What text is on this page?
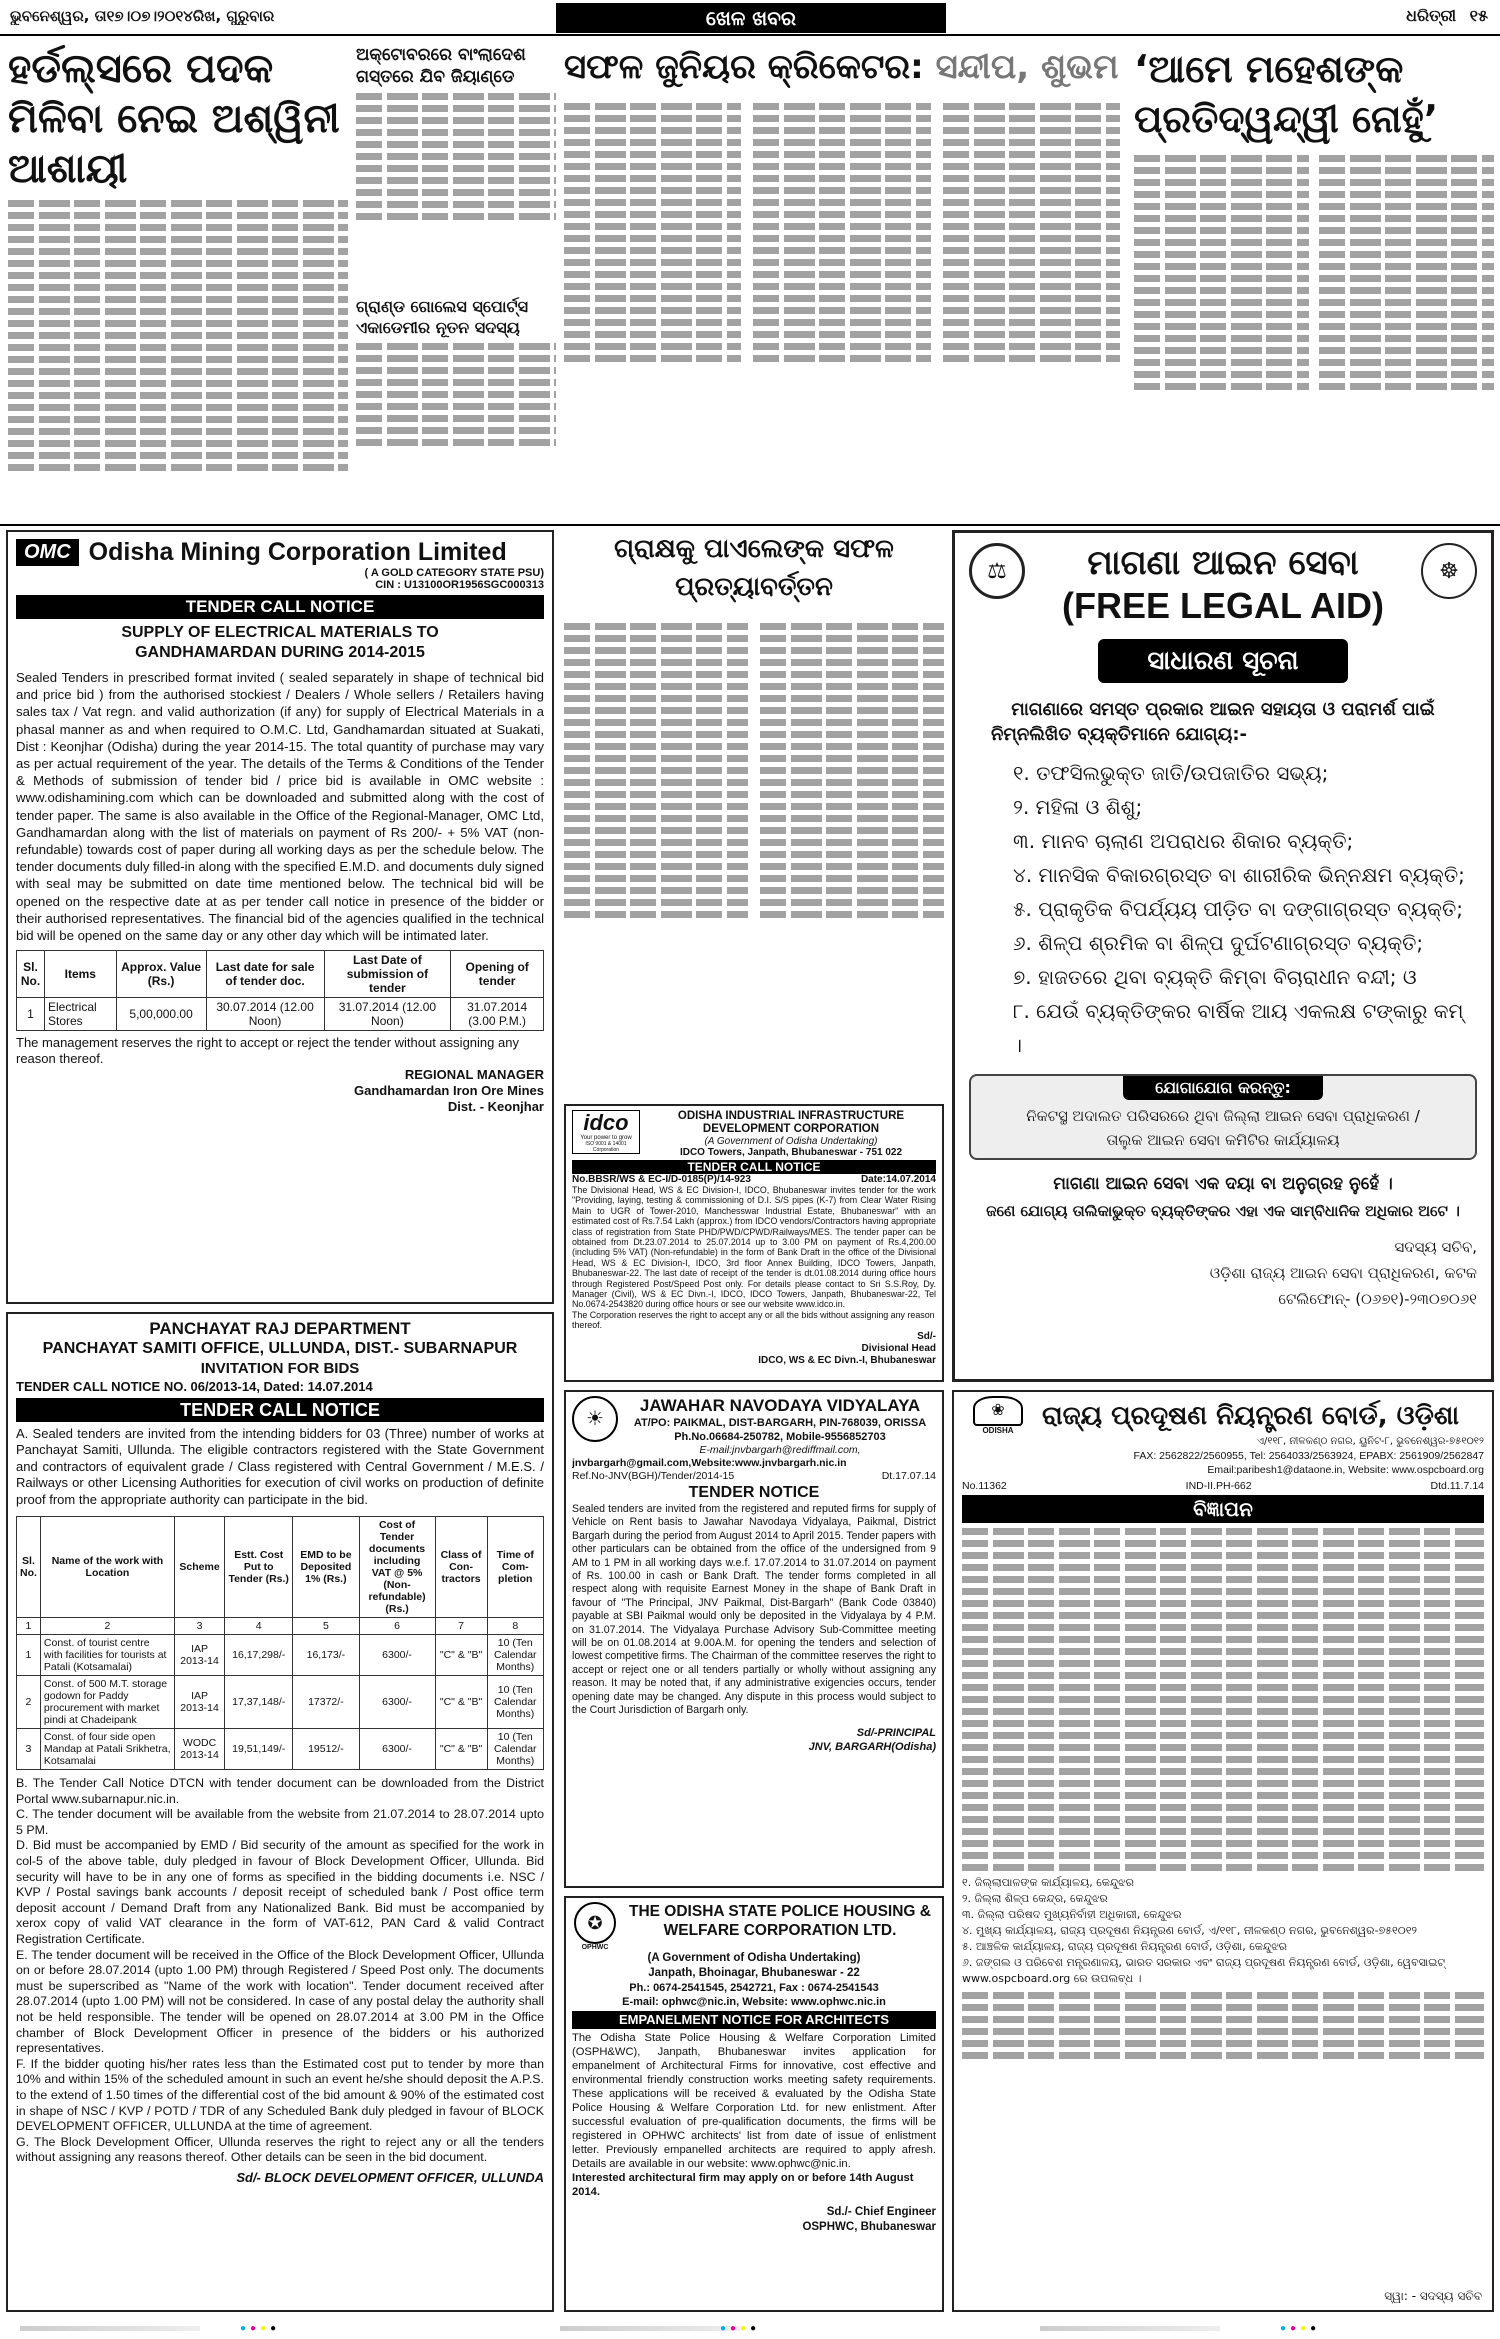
ଭୁବନେଶ୍ୱର, ତା୧୭।୦୭।୨୦୧୪ରିଖ, ଗୁରୁବାର	ଖେଳ ଖବର	ଧରିତ୍ରୀ ୧୫
ହର୍ଡଲ୍ସରେ ପଦକ ମିଳିବା ନେଇ ଅଶ୍ୱିନୀ ଆଶାୟୀ
ଅକ୍ଟୋବରରେ ବାଂଲାଦେଶ ଗସ୍ତରେ ଯିବ ଜିୟାଣ୍ଡେ
ଗ୍ରାଣ୍ଡ ଗୋଲେସ ସ୍ପୋର୍ଟ୍ସ ଏକାଡେମୀର ନୂତନ ସଦସ୍ୟ
ସଫଳ ଜୁନିୟର କ୍ରିକେଟର: ସନ୍ଦୀପ, ଶୁଭମ ‘ଆମେ ମହେଶଙ୍କ ପ୍ରତିଦ୍ୱନ୍ଦ୍ୱୀ ନୋହୁଁ’
OMC Odisha Mining Corporation Limited
( A GOLD CATEGORY STATE PSU)
CIN : U13100OR1956SGC000313
TENDER CALL NOTICE
SUPPLY OF ELECTRICAL MATERIALS TO GANDHAMARDAN DURING 2014-2015
Sealed Tenders in prescribed format invited ( sealed separately in shape of technical bid and price bid ) from the authorised stockiest / Dealers / Whole sellers / Retailers having sales tax / Vat regn. and valid authorization (if any) for supply of Electrical Materials in a phasal manner as and when required to O.M.C. Ltd, Gandhamardan situated at Suakati, Dist : Keonjhar (Odisha) during the year 2014-15. The total quantity of purchase may vary as per actual requirement of the year. The details of the Terms & Conditions of the Tender & Methods of submission of tender bid / price bid is available in OMC website : www.odishamining.com which can be downloaded and submitted along with the cost of tender paper. The same is also available in the Office of the Regional-Manager, OMC Ltd, Gandhamardan along with the list of materials on payment of Rs 200/- + 5% VAT (non-refundable) towards cost of paper during all working days as per the schedule below. The tender documents duly filled-in along with the specified E.M.D. and documents duly signed with seal may be submitted on date time mentioned below. The technical bid will be opened on the respective date at as per tender call notice in presence of the bidder or their authorised representatives. The financial bid of the agencies qualified in the technical bid will be opened on the same day or any other day which will be intimated later.
Sl. No.	Items	Approx. Value (Rs.)	Last date for sale of tender doc.	Last Date of submission of tender	Opening of tender
1	Electrical Stores	5,00,000.00	30.07.2014 (12.00 Noon)	31.07.2014 (12.00 Noon)	31.07.2014 (3.00 P.M.)
The management reserves the right to accept or reject the tender without assigning any reason thereof.
REGIONAL MANAGER
Gandhamardan Iron Ore Mines
Dist. - Keonjhar
ଗ୍ରାକ୍ଷକୁ ପାଏଲେଙ୍କ ସଫଳ ପ୍ରତ୍ୟାବର୍ତ୍ତନ
idco
Your power to grow
ISO 9001 & 14001 Corporation
ODISHA INDUSTRIAL INFRASTRUCTURE DEVELOPMENT CORPORATION
(A Government of Odisha Undertaking)
IDCO Towers, Janpath, Bhubaneswar - 751 022
TENDER CALL NOTICE
No.BBSR/WS & EC-I/D-0185(P)/14-923	Date:14.07.2014
The Divisional Head, WS & EC Division-I, IDCO, Bhubaneswar invites tender for the work "Providing, laying, testing & commissioning of D.I. S/S pipes (K-7) from Clear Water Rising Main to UGR of Tower-2010, Manchesswar Industrial Estate, Bhubaneswar" with an estimated cost of Rs.7.54 Lakh (approx.) from IDCO vendors/Contractors having appropriate class of registration from State PHD/PWD/CPWD/Railways/MES. The tender paper can be obtained from Dt.23.07.2014 to 25.07.2014 up to 3.00 PM on payment of Rs.4,200.00 (including 5% VAT) (Non-refundable) in the form of Bank Draft in the office of the Divisional Head, WS & EC Division-I, IDCO, 3rd floor Annex Building, IDCO Towers, Janpath, Bhubaneswar-22. The last date of receipt of the tender is dt.01.08.2014 during office hours through Registered Post/Speed Post only. For details please contact to Sri S.S.Roy, Dy. Manager (Civil), WS & EC Divn.-I, IDCO, IDCO Towers, Janpath, Bhubaneswar-22, Tel No.0674-2543820 during office hours or see our website www.idco.in.
The Corporation reserves the right to accept any or all the bids without assigning any reason thereof.
Sd/-
Divisional Head
IDCO, WS & EC Divn.-I, Bhubaneswar
⚖	☸
ମାଗଣା ଆଇନ ସେବା
(FREE LEGAL AID)
ସାଧାରଣ ସୂଚନା
ମାଗଣାରେ ସମସ୍ତ ପ୍ରକାର ଆଇନ ସହାୟତା ଓ ପରାମର୍ଶ ପାଇଁ
ନିମ୍ନଲିଖିତ ବ୍ୟକ୍ତିମାନେ ଯୋଗ୍ୟ:-
୧. ତଫସିଲଭୁକ୍ତ ଜାତି/ଉପଜାତିର ସଭ୍ୟ;
୨. ମହିଳା ଓ ଶିଶୁ;
୩. ମାନବ ଚାଲାଣ ଅପରାଧର ଶିକାର ବ୍ୟକ୍ତି;
୪. ମାନସିକ ବିକାରଗ୍ରସ୍ତ ବା ଶାରୀରିକ ଭିନ୍ନକ୍ଷମ ବ୍ୟକ୍ତି;
୫. ପ୍ରାକୃତିକ ବିପର୍ଯ୍ୟୟ ପୀଡ଼ିତ ବା ଦଙ୍ଗାଗ୍ରସ୍ତ ବ୍ୟକ୍ତି;
୬. ଶିଳ୍ପ ଶ୍ରମିକ ବା ଶିଳ୍ପ ଦୁର୍ଘଟଣାଗ୍ରସ୍ତ ବ୍ୟକ୍ତି;
୭. ହାଜତରେ ଥିବା ବ୍ୟକ୍ତି କିମ୍ବା ବିଚାରାଧୀନ ବନ୍ଦୀ; ଓ
୮. ଯେଉଁ ବ୍ୟକ୍ତିଙ୍କର ବାର୍ଷିକ ଆୟ ଏକଲକ୍ଷ ଟଙ୍କାରୁ କମ୍ ।
ଯୋଗାଯୋଗ କରନ୍ତୁ:
ନିକଟସ୍ଥ ଅଦାଲତ ପରିସରରେ ଥିବା ଜିଲ୍ଲା ଆଇନ ସେବା ପ୍ରାଧିକରଣ /
ତାଲୁକ ଆଇନ ସେବା କମିଟିର କାର୍ଯ୍ୟାଳୟ
ମାଗଣା ଆଇନ ସେବା ଏକ ଦୟା ବା ଅନୁଗ୍ରହ ନୁହେଁ ।
ଜଣେ ଯୋଗ୍ୟ ତାଲିକାଭୁକ୍ତ ବ୍ୟକ୍ତିଙ୍କର ଏହା ଏକ ସାମ୍ବିଧାନିକ ଅଧିକାର ଅଟେ ।
ସଦସ୍ୟ ସଚିବ,
ଓଡ଼ିଶା ରାଜ୍ୟ ଆଇନ ସେବା ପ୍ରାଧିକରଣ, କଟକ
ଟେଲିଫୋନ୍- (୦୬୭୧)-୨୩୦୭୦୬୧
PANCHAYAT RAJ DEPARTMENT
PANCHAYAT SAMITI OFFICE, ULLUNDA, DIST.- SUBARNAPUR
INVITATION FOR BIDS
TENDER CALL NOTICE NO. 06/2013-14, Dated: 14.07.2014
TENDER CALL NOTICE
A. Sealed tenders are invited from the intending bidders for 03 (Three) number of works at Panchayat Samiti, Ullunda. The eligible contractors registered with the State Government and contractors of equivalent grade / Class registered with Central Government / M.E.S. / Railways or other Licensing Authorities for execution of civil works on production of definite proof from the appropriate authority can participate in the bid.
Sl. No.	Name of the work with Location	Scheme	Estt. Cost Put to Tender (Rs.)	EMD to be Deposited 1% (Rs.)	Cost of Tender documents including VAT @ 5% (Non-refundable) (Rs.)	Class of Con-tractors	Time of Com-pletion
1	2	3	4	5	6	7	8
1	Const. of tourist centre with facilities for tourists at Patali (Kotsamalai)	IAP 2013-14	16,17,298/-	16,173/-	6300/-	"C" & "B"	10 (Ten Calendar Months)
2	Const. of 500 M.T. storage godown for Paddy procurement with market pindi at Chadeipank	IAP 2013-14	17,37,148/-	17372/-	6300/-	"C" & "B"	10 (Ten Calendar Months)
3	Const. of four side open Mandap at Patali Srikhetra, Kotsamalai	WODC 2013-14	19,51,149/-	19512/-	6300/-	"C" & "B"	10 (Ten Calendar Months)
B. The Tender Call Notice DTCN with tender document can be downloaded from the District Portal www.subarnapur.nic.in.
C. The tender document will be available from the website from 21.07.2014 to 28.07.2014 upto 5 PM.
D. Bid must be accompanied by EMD / Bid security of the amount as specified for the work in col-5 of the above table, duly pledged in favour of Block Development Officer, Ullunda. Bid security will have to be in any one of forms as specified in the bidding documents i.e. NSC / KVP / Postal savings bank accounts / deposit receipt of scheduled bank / Post office term deposit account / Demand Draft from any Nationalized Bank. Bid must be accompanied by xerox copy of valid VAT clearance in the form of VAT-612, PAN Card & valid Contract Registration Certificate.
E. The tender document will be received in the Office of the Block Development Officer, Ullunda on or before 28.07.2014 (upto 1.00 PM) through Registered / Speed Post only. The documents must be superscribed as "Name of the work with location". Tender document received after 28.07.2014 (upto 1.00 PM) will not be considered. In case of any postal delay the authority shall not be held responsible. The tender will be opened on 28.07.2014 at 3.00 PM in the Office chamber of Block Development Officer in presence of the bidders or his authorized representatives.
F. If the bidder quoting his/her rates less than the Estimated cost put to tender by more than 10% and within 15% of the scheduled amount in such an event he/she should deposit the A.P.S. to the extend of 1.50 times of the differential cost of the bid amount & 90% of the estimated cost in shape of NSC / KVP / POTD / TDR of any Scheduled Bank duly pledged in favour of BLOCK DEVELOPMENT OFFICER, ULLUNDA at the time of agreement.
G. The Block Development Officer, Ullunda reserves the right to reject any or all the tenders without assigning any reasons thereof. Other details can be seen in the bid document.
Sd/- BLOCK DEVELOPMENT OFFICER, ULLUNDA
☀
JAWAHAR NAVODAYA VIDYALAYA
AT/PO: PAIKMAL, DIST-BARGARH, PIN-768039, ORISSA
Ph.No.06684-250782, Mobile-9556852703
E-mail:jnvbargarh@rediffmail.com,
jnvbargarh@gmail.com,Website:www.jnvbargarh.nic.in
Ref.No-JNV(BGH)/Tender/2014-15	Dt.17.07.14
TENDER NOTICE
Sealed tenders are invited from the registered and reputed firms for supply of Vehicle on Rent basis to Jawahar Navodaya Vidyalaya, Paikmal, District Bargarh during the period from August 2014 to April 2015. Tender papers with other particulars can be obtained from the office of the undersigned from 9 AM to 1 PM in all working days w.e.f. 17.07.2014 to 31.07.2014 on payment of Rs. 100.00 in cash or Bank Draft. The tender forms completed in all respect along with requisite Earnest Money in the shape of Bank Draft in favour of "The Principal, JNV Paikmal, Dist-Bargarh" (Bank Code 03840) payable at SBI Paikmal would only be deposited in the Vidyalaya by 4 P.M. on 31.07.2014. The Vidyalaya Purchase Advisory Sub-Committee meeting will be on 01.08.2014 at 9.00A.M. for opening the tenders and selection of lowest competitive firms. The Chairman of the committee reserves the right to accept or reject one or all tenders partially or wholly without assigning any reason. It may be noted that, if any administrative exigencies occurs, tender opening date may be changed. Any dispute in this process would subject to the Court Jurisdiction of Bargarh only.
Sd/-PRINCIPAL
JNV, BARGARH(Odisha)
✪
OPHWC
THE ODISHA STATE POLICE HOUSING & WELFARE CORPORATION LTD.
(A Government of Odisha Undertaking)
Janpath, Bhoinagar, Bhubaneswar - 22
Ph.: 0674-2541545, 2542721, Fax : 0674-2541543
E-mail: ophwc@nic.in, Website: www.ophwc.nic.in
EMPANELMENT NOTICE FOR ARCHITECTS
The Odisha State Police Housing & Welfare Corporation Limited (OSPH&WC), Janpath, Bhubaneswar invites application for empanelment of Architectural Firms for innovative, cost effective and environmental friendly construction works meeting safety requirements. These applications will be received & evaluated by the Odisha State Police Housing & Welfare Corporation Ltd. for new enlistment. After successful evaluation of pre-qualification documents, the firms will be registered in OPHWC architects' list from date of issue of enlistment letter. Previously empanelled architects are required to apply afresh. Details are available in our website: www.ophwc@nic.in.
Interested architectural firm may apply on or before 14th August 2014.
Sd./- Chief Engineer
OSPHWC, Bhubaneswar
❀
ODISHA	ରାଜ୍ୟ ପ୍ରଦୂଷଣ ନିୟନ୍ତ୍ରଣ ବୋର୍ଡ, ଓଡ଼ିଶା
ଏ/୧୧୮, ନୀଳକଣ୍ଠ ନଗର, ୟୁନିଟ-୮, ଭୁବନେଶ୍ୱର-୭୫୧୦୧୨
FAX: 2562822/2560955, Tel: 2564033/2563924, EPABX: 2561909/2562847
Email:paribesh1@dataone.in, Website: www.ospcboard.org
No.11362	IND-II.PH-662	Dtd.11.7.14
ବିଜ୍ଞାପନ
୧. ଜିଲ୍ଲାପାଳଙ୍କ କାର୍ଯ୍ୟାଳୟ, କେନ୍ଦୁଝର
୨. ଜିଲ୍ଲା ଶିଳ୍ପ କେନ୍ଦ୍ର, କେନ୍ଦୁଝର
୩. ଜିଲ୍ଲା ପରିଷଦ ମୁଖ୍ୟନିର୍ବାହୀ ଅଧିକାରୀ, କେନ୍ଦୁଝର
୪. ମୁଖ୍ୟ କାର୍ଯ୍ୟାଳୟ, ରାଜ୍ୟ ପ୍ରଦୂଷଣ ନିୟନ୍ତ୍ରଣ ବୋର୍ଡ, ଏ/୧୧୮, ନୀଳକଣ୍ଠ ନଗର, ଭୁବନେଶ୍ୱର-୭୫୧୦୧୨
୫. ଆଞ୍ଚଳିକ କାର୍ଯ୍ୟାଳୟ, ରାଜ୍ୟ ପ୍ରଦୂଷଣ ନିୟନ୍ତ୍ରଣ ବୋର୍ଡ, ଓଡ଼ିଶା, କେନ୍ଦୁଝର
୬. ଜଙ୍ଗଲ ଓ ପରିବେଶ ମନ୍ତ୍ରଣାଳୟ, ଭାରତ ସରକାର ଏବଂ ରାଜ୍ୟ ପ୍ରଦୂଷଣ ନିୟନ୍ତ୍ରଣ ବୋର୍ଡ, ଓଡ଼ିଶା, ୱେବସାଇଟ୍ www.ospcboard.org ରେ ଉପଲବ୍ଧ ।
ସ୍ୱା: - ସଦସ୍ୟ ସଚିବ
●●●●	●●●●	●●●●
